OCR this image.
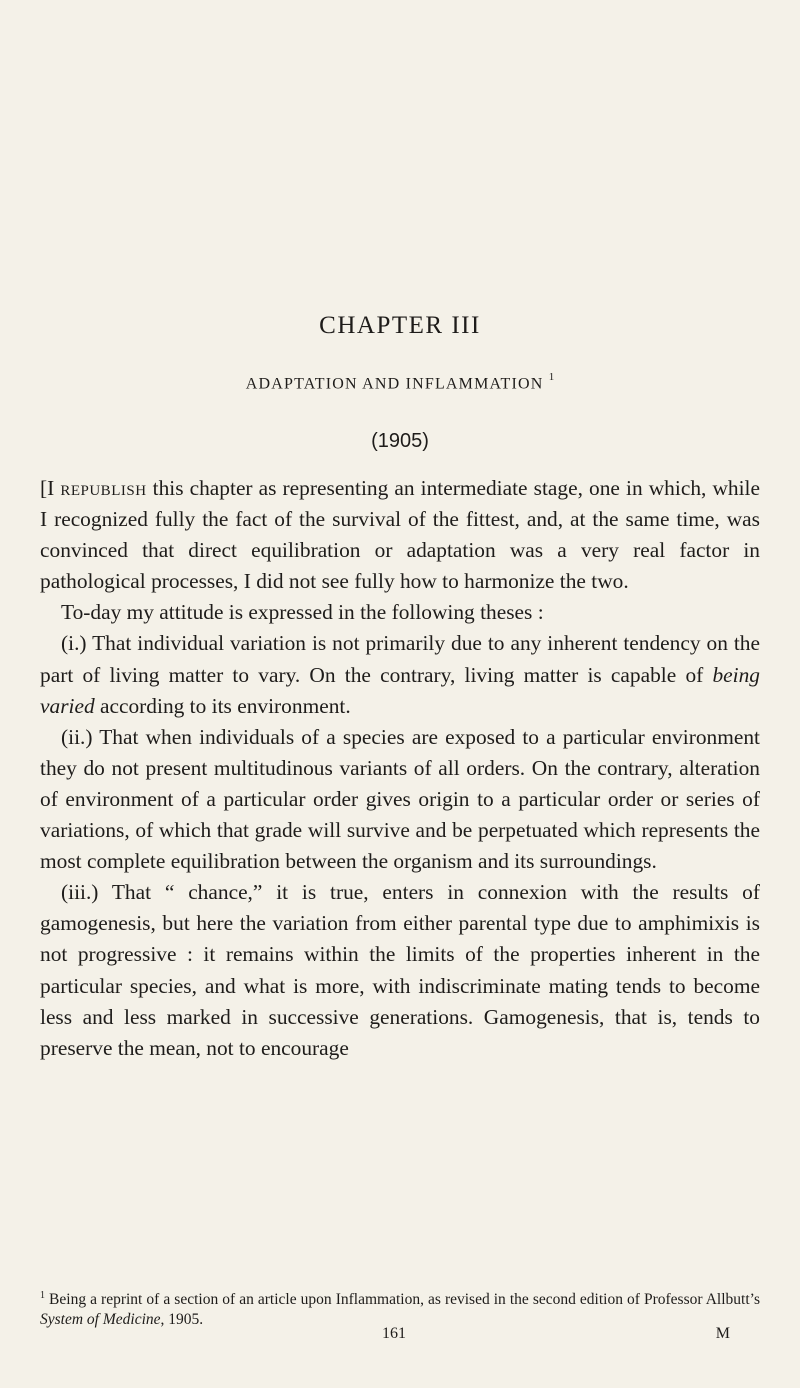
CHAPTER III
ADAPTATION AND INFLAMMATION $^1$
(1905)

[I republish this chapter as representing an intermediate stage, one in which, while I recognized fully the fact of the survival of the fittest, and, at the same time, was convinced that direct equilibration or adaptation was a very real factor in pathological processes, I did not see fully how to harmonize the two.

To-day my attitude is expressed in the following theses :

(i.) That individual variation is not primarily due to any inherent tendency on the part of living matter to vary. On the contrary, living matter is capable of being varied according to its environment.

(ii.) That when individuals of a species are exposed to a particular environment they do not present multitudinous variants of all orders. On the contrary, alteration of environment of a particular order gives origin to a particular order or series of variations, of which that grade will survive and be perpetuated which represents the most complete equilibration between the organism and its surroundings.

(iii.) That “ chance,” it is true, enters in connexion with the results of gamogenesis, but here the variation from either parental type due to amphimixis is not progressive : it remains within the limits of the properties inherent in the particular species, and what is more, with indiscriminate mating tends to become less and less marked in successive generations. Gamogenesis, that is, tends to preserve the mean, not to encourage

$^1$ Being a reprint of a section of an article upon Inflammation, as revised in the second edition of Professor Allbutt’s System of Medicine, 1905.
161	M
